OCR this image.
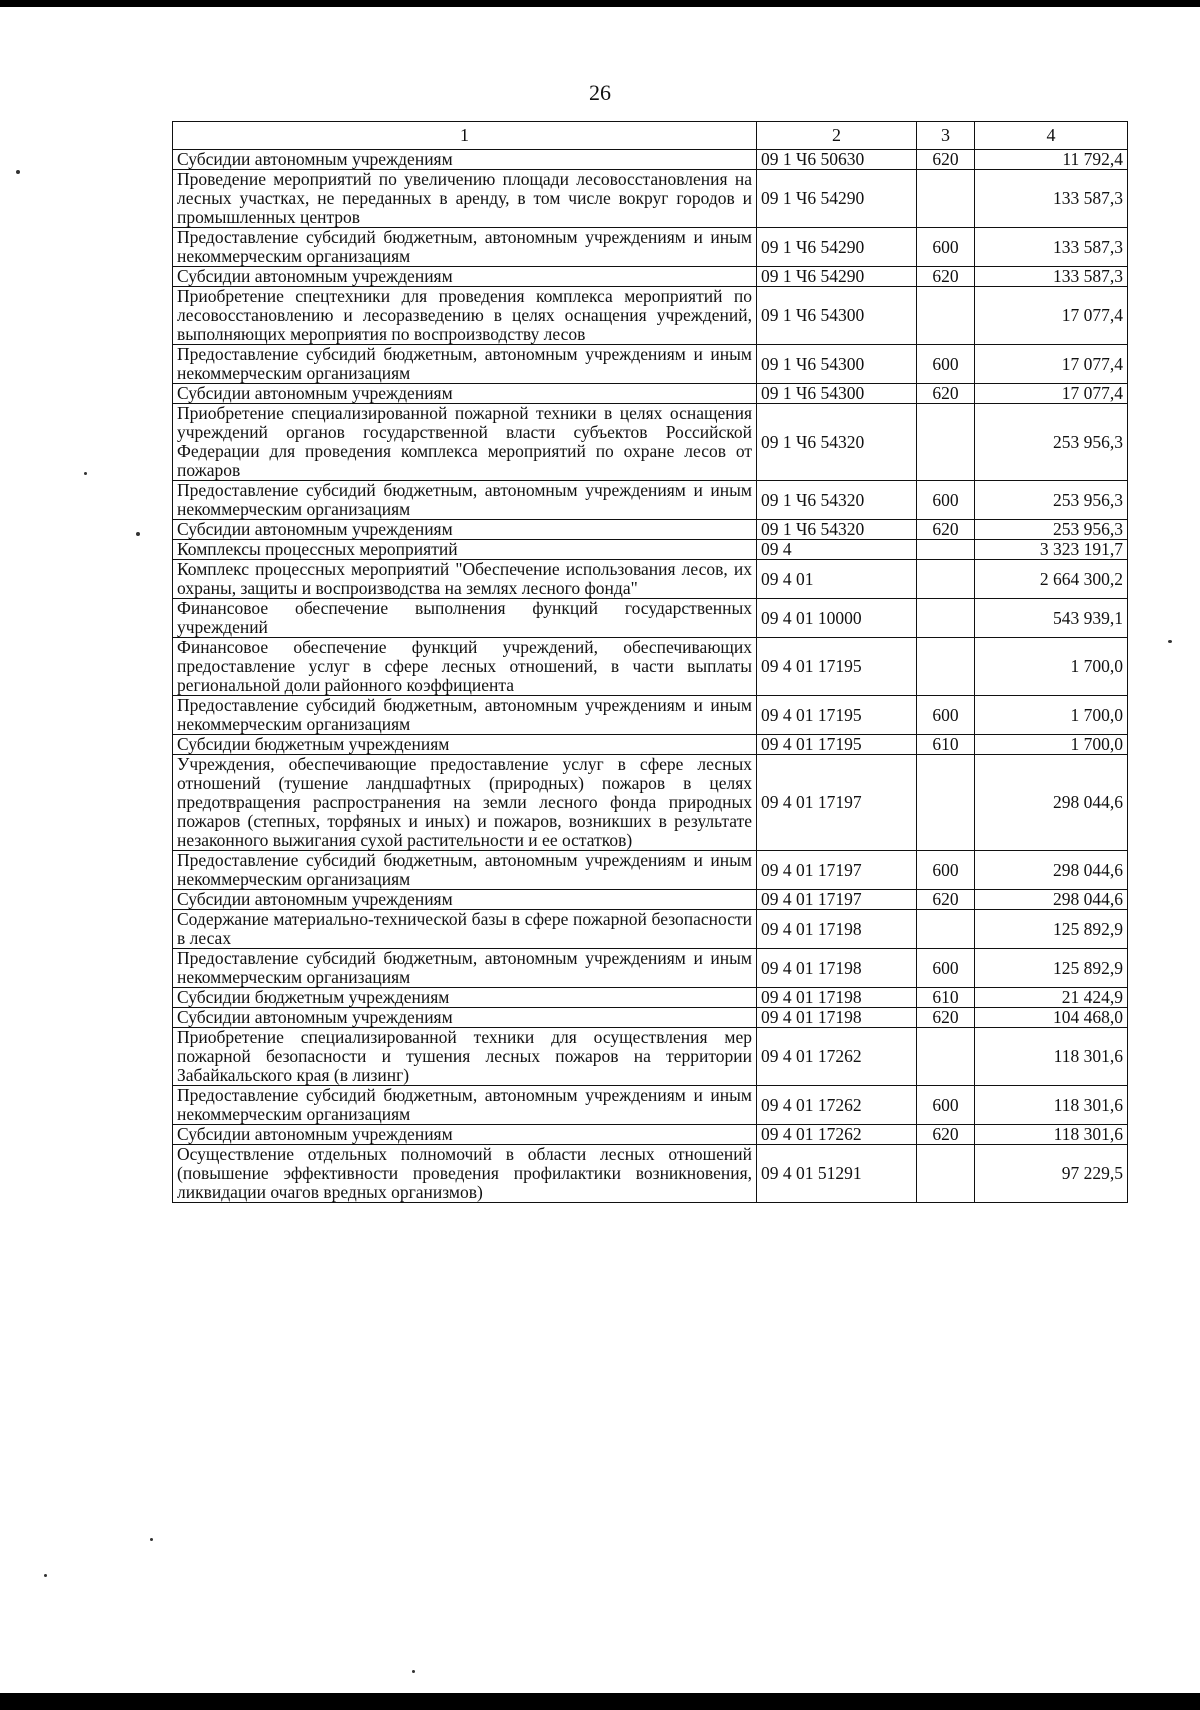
26
1	2	3	4
Субсидии автономным учреждениям	09 1 Ч6 50630	620	11 792,4
Проведение мероприятий по увеличению площади лесовосстановления на лесных участках, не переданных в аренду, в том числе вокруг городов и промышленных центров	09 1 Ч6 54290		133 587,3
Предоставление субсидий бюджетным, автономным учреждениям и иным некоммерческим организациям	09 1 Ч6 54290	600	133 587,3
Субсидии автономным учреждениям	09 1 Ч6 54290	620	133 587,3
Приобретение спецтехники для проведения комплекса мероприятий по лесовосстановлению и лесоразведению в целях оснащения учреждений, выполняющих мероприятия по воспроизводству лесов	09 1 Ч6 54300		17 077,4
Предоставление субсидий бюджетным, автономным учреждениям и иным некоммерческим организациям	09 1 Ч6 54300	600	17 077,4
Субсидии автономным учреждениям	09 1 Ч6 54300	620	17 077,4
Приобретение специализированной пожарной техники в целях оснащения учреждений органов государственной власти субъектов Российской Федерации для проведения комплекса мероприятий по охране лесов от пожаров	09 1 Ч6 54320		253 956,3
Предоставление субсидий бюджетным, автономным учреждениям и иным некоммерческим организациям	09 1 Ч6 54320	600	253 956,3
Субсидии автономным учреждениям	09 1 Ч6 54320	620	253 956,3
Комплексы процессных мероприятий	09 4		3 323 191,7
Комплекс процессных мероприятий "Обеспечение использования лесов, их охраны, защиты и воспроизводства на землях лесного фонда"	09 4 01		2 664 300,2
Финансовое обеспечение выполнения функций государственных учреждений	09 4 01 10000		543 939,1
Финансовое обеспечение функций учреждений, обеспечивающих предоставление услуг в сфере лесных отношений, в части выплаты региональной доли районного коэффициента	09 4 01 17195		1 700,0
Предоставление субсидий бюджетным, автономным учреждениям и иным некоммерческим организациям	09 4 01 17195	600	1 700,0
Субсидии бюджетным учреждениям	09 4 01 17195	610	1 700,0
Учреждения, обеспечивающие предоставление услуг в сфере лесных отношений (тушение ландшафтных (природных) пожаров в целях предотвращения распространения на земли лесного фонда природных пожаров (степных, торфяных и иных) и пожаров, возникших в результате незаконного выжигания сухой растительности и ее остатков)	09 4 01 17197		298 044,6
Предоставление субсидий бюджетным, автономным учреждениям и иным некоммерческим организациям	09 4 01 17197	600	298 044,6
Субсидии автономным учреждениям	09 4 01 17197	620	298 044,6
Содержание материально-технической базы в сфере пожарной безопасности в лесах	09 4 01 17198		125 892,9
Предоставление субсидий бюджетным, автономным учреждениям и иным некоммерческим организациям	09 4 01 17198	600	125 892,9
Субсидии бюджетным учреждениям	09 4 01 17198	610	21 424,9
Субсидии автономным учреждениям	09 4 01 17198	620	104 468,0
Приобретение специализированной техники для осуществления мер пожарной безопасности и тушения лесных пожаров на территории Забайкальского края (в лизинг)	09 4 01 17262		118 301,6
Предоставление субсидий бюджетным, автономным учреждениям и иным некоммерческим организациям	09 4 01 17262	600	118 301,6
Субсидии автономным учреждениям	09 4 01 17262	620	118 301,6
Осуществление отдельных полномочий в области лесных отношений (повышение эффективности проведения профилактики возникновения, ликвидации очагов вредных организмов)	09 4 01 51291		97 229,5
